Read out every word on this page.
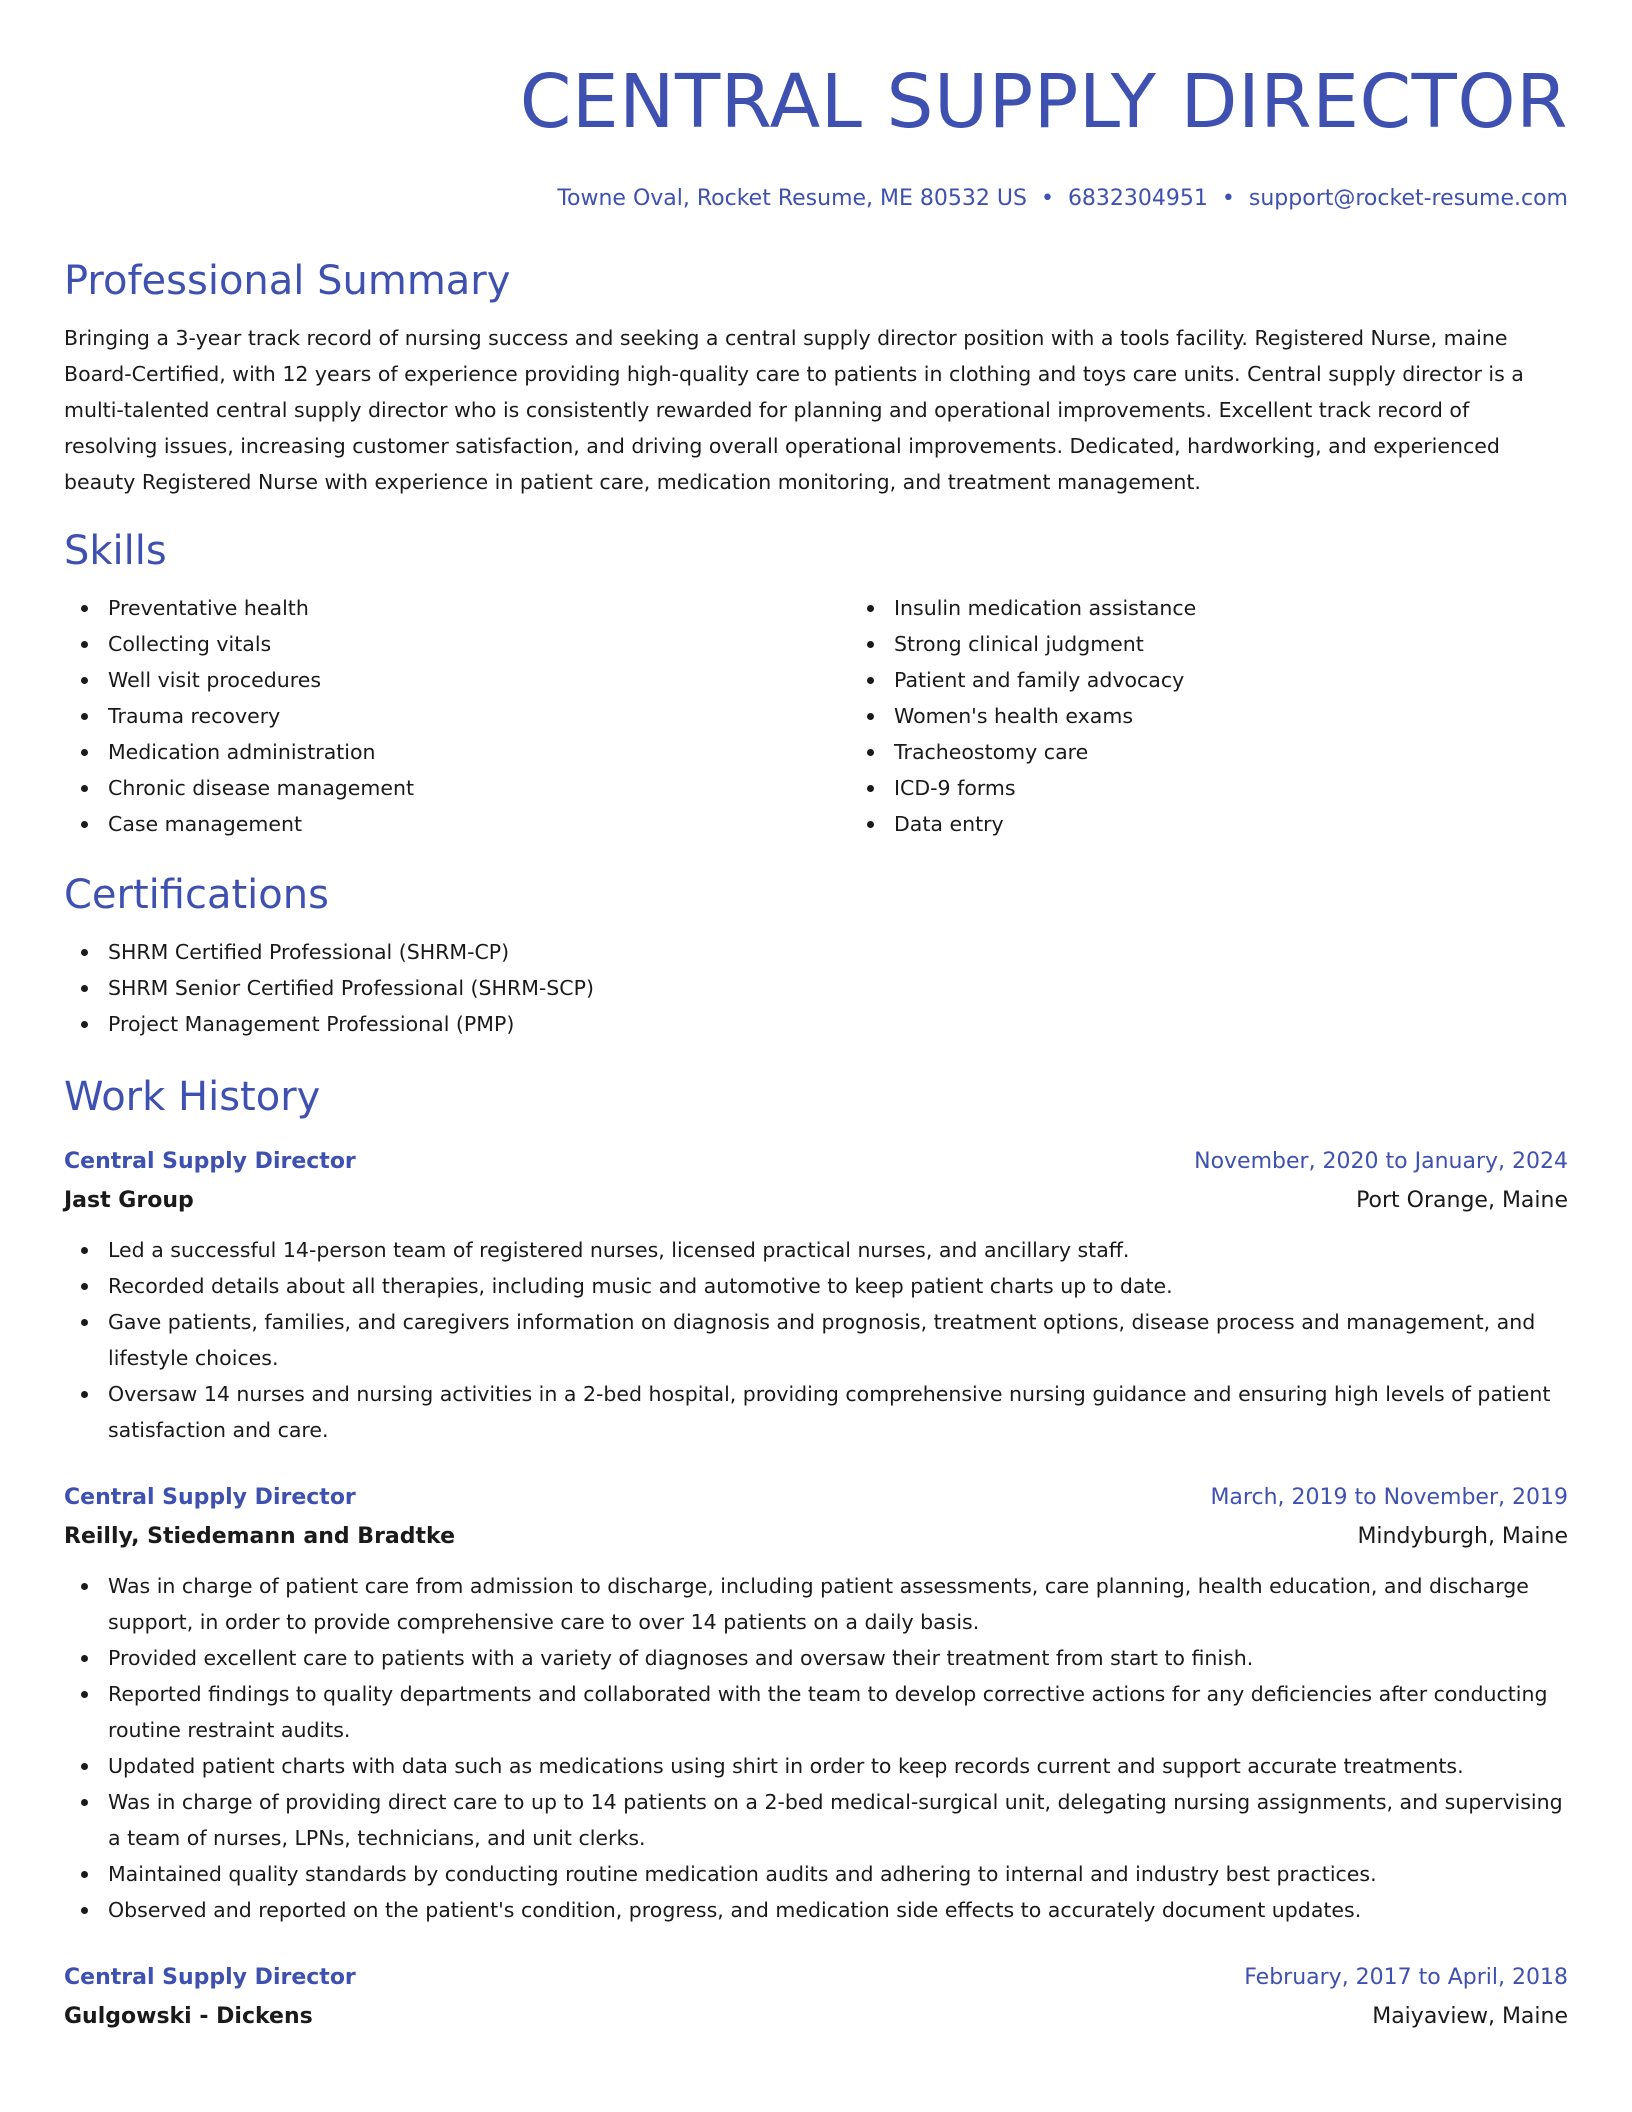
CENTRAL SUPPLY DIRECTOR
Towne Oval, Rocket Resume, ME 80532 US • 6832304951 • support@rocket-resume.com
Professional Summary

Bringing a 3-year track record of nursing success and seeking a central supply director position with a tools facility. Registered Nurse, maine Board-Certified, with 12 years of experience providing high-quality care to patients in clothing and toys care units. Central supply director is a multi-talented central supply director who is consistently rewarded for planning and operational improvements. Excellent track record of resolving issues, increasing customer satisfaction, and driving overall operational improvements. Dedicated, hardworking, and experienced beauty Registered Nurse with experience in patient care, medication monitoring, and treatment management.

Skills
Preventative health
Collecting vitals
Well visit procedures
Trauma recovery
Medication administration
Chronic disease management
Case management
Insulin medication assistance
Strong clinical judgment
Patient and family advocacy
Women's health exams
Tracheostomy care
ICD-9 forms
Data entry
Certifications
SHRM Certified Professional (SHRM-CP)
SHRM Senior Certified Professional (SHRM-SCP)
Project Management Professional (PMP)
Work History
Central Supply Director	November, 2020 to January, 2024
Jast Group	Port Orange, Maine
Led a successful 14-person team of registered nurses, licensed practical nurses, and ancillary staff.
Recorded details about all therapies, including music and automotive to keep patient charts up to date.
Gave patients, families, and caregivers information on diagnosis and prognosis, treatment options, disease process and management, and lifestyle choices.
Oversaw 14 nurses and nursing activities in a 2-bed hospital, providing comprehensive nursing guidance and ensuring high levels of patient satisfaction and care.
Central Supply Director	March, 2019 to November, 2019
Reilly, Stiedemann and Bradtke	Mindyburgh, Maine
Was in charge of patient care from admission to discharge, including patient assessments, care planning, health education, and discharge support, in order to provide comprehensive care to over 14 patients on a daily basis.
Provided excellent care to patients with a variety of diagnoses and oversaw their treatment from start to finish.
Reported findings to quality departments and collaborated with the team to develop corrective actions for any deficiencies after conducting routine restraint audits.
Updated patient charts with data such as medications using shirt in order to keep records current and support accurate treatments.
Was in charge of providing direct care to up to 14 patients on a 2-bed medical-surgical unit, delegating nursing assignments, and supervising a team of nurses, LPNs, technicians, and unit clerks.
Maintained quality standards by conducting routine medication audits and adhering to internal and industry best practices.
Observed and reported on the patient's condition, progress, and medication side effects to accurately document updates.
Central Supply Director	February, 2017 to April, 2018
Gulgowski - Dickens	Maiyaview, Maine
